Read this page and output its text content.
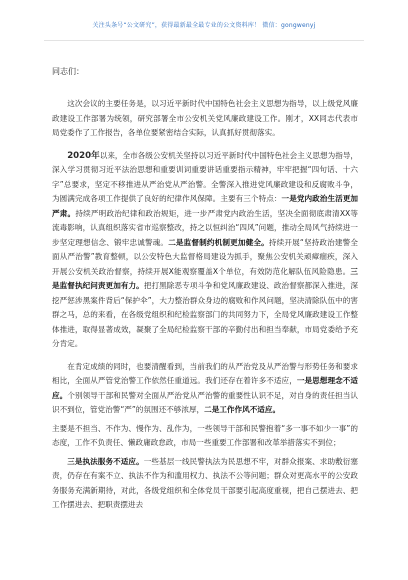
关注头条号“公文研究”，获得最新最全最专业的公文资料库！ 微信：gongwenyj

同志们：

这次会议的主要任务是，以习近平新时代中国特色社会主义思想为指导，以上级党风廉政建设工作部署为统领，研究部署全市公安机关党风廉政建设工作。刚才，XX同志代表市局党委作了工作报告，各单位要紧密结合实际，认真抓好贯彻落实。

2020年以来，全市各级公安机关坚持以习近平新时代中国特色社会主义思想为指导，深入学习贯彻习近平法治思想和重要训词重要讲话重要指示精神，牢牢把握“四句话、十六字”总要求，坚定不移推进从严治党从严治警。全警深入推进党风廉政建设和反腐败斗争，为圆满完成各项工作提供了良好的纪律作风保障。主要有三个特点：一是党内政治生活更加严肃。持续严明政治纪律和政治规矩，进一步严肃党内政治生活，坚决全面彻底肃清XX等流毒影响，认真组织落实省市巡察整改，持之以恒纠治“四风”问题，推动全局风气持续进一步坚定理想信念、锻牢忠诚警魂。二是监督制约机制更加健全。持续开展“坚持政治建警全面从严治警”教育整顿，以公安特色大监督格局建设为抓手，聚焦公安机关顽瘴痼疾，深入开展公安机关政治督察，持续开展X能观察覆盖X个单位，有效防范化解队伍风险隐患。三是监督执纪问责更加有力。把打黑除恶专项斗争和党风廉政建设、政治督察都深入推进，深挖严惩涉黑案件背后“保护伞”，大力整治群众身边的腐败和作风问题，坚决清除队伍中的害群之马，总的来看，在各级党组织和纪检监察部门的共同努力下，全局党风廉政建设工作整体推进，取得显著成效，凝聚了全局纪检监察干部的辛勤付出和担当奉献，市局党委给予充分肯定。

在肯定成绩的同时，也要清醒看到，当前我们的从严治党及从严治警与形势任务和要求相比，全面从严管党治警工作依然任重道远。我们还存在着许多不适应，一是思想理念不适应。个别领导干部和民警对全面从严治党从严治警的重要性认识不足，对自身的责任担当认识不到位，管党治警“严”的氛围还不够浓厚，二是工作作风不适应。

主要是不担当、不作为、慢作为、乱作为，一些领导干部和民警抱着“多一事不如少一事”的态度，工作不负责任、懒政庸政怠政，市局一些重要工作部署和改革举措落实不到位；

三是执法服务不适应。一些基层一线民警执法为民思想不牢，对群众报案、求助敷衍塞责，仍存在有案不立、执法不作为和滥用权力、执法不公等问题；群众对更高水平的公安政务服务充满新期待，对此，各级党组织和全体党员干部要引起高度重视，把自己摆进去、把工作摆进去、把职责摆进去
